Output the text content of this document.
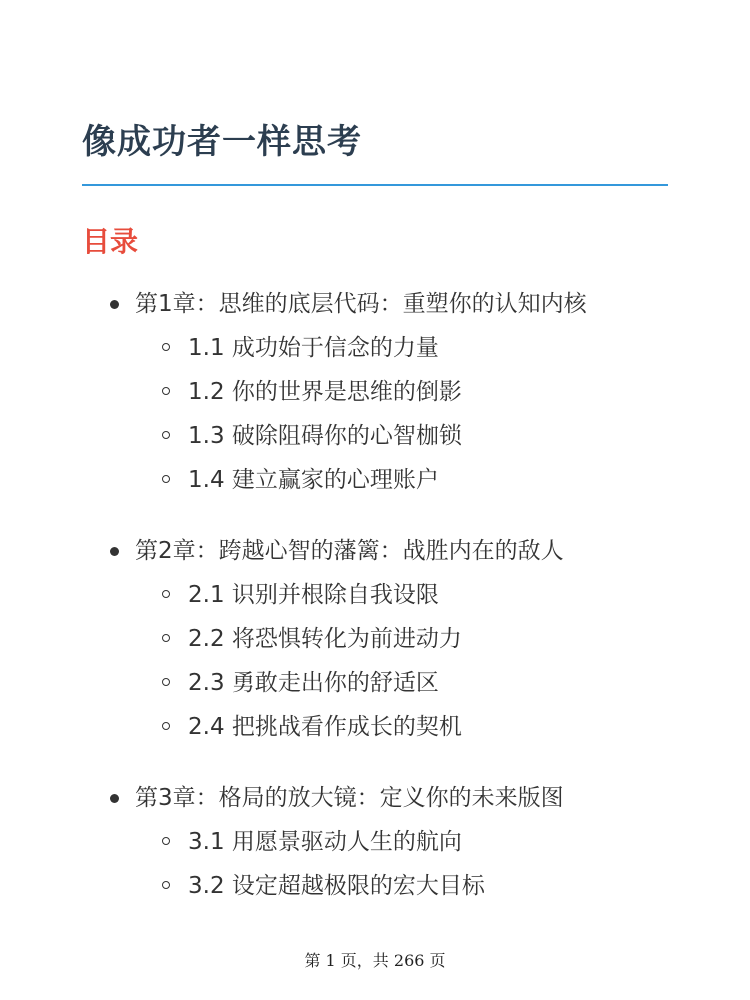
像成功者一样思考
目录
第1章：思维的底层代码：重塑你的认知内核
1.1 成功始于信念的力量
1.2 你的世界是思维的倒影
1.3 破除阻碍你的心智枷锁
1.4 建立赢家的心理账户
第2章：跨越心智的藩篱：战胜内在的敌人
2.1 识别并根除自我设限
2.2 将恐惧转化为前进动力
2.3 勇敢走出你的舒适区
2.4 把挑战看作成长的契机
第3章：格局的放大镜：定义你的未来版图
3.1 用愿景驱动人生的航向
3.2 设定超越极限的宏大目标
第 1 页，共 266 页
